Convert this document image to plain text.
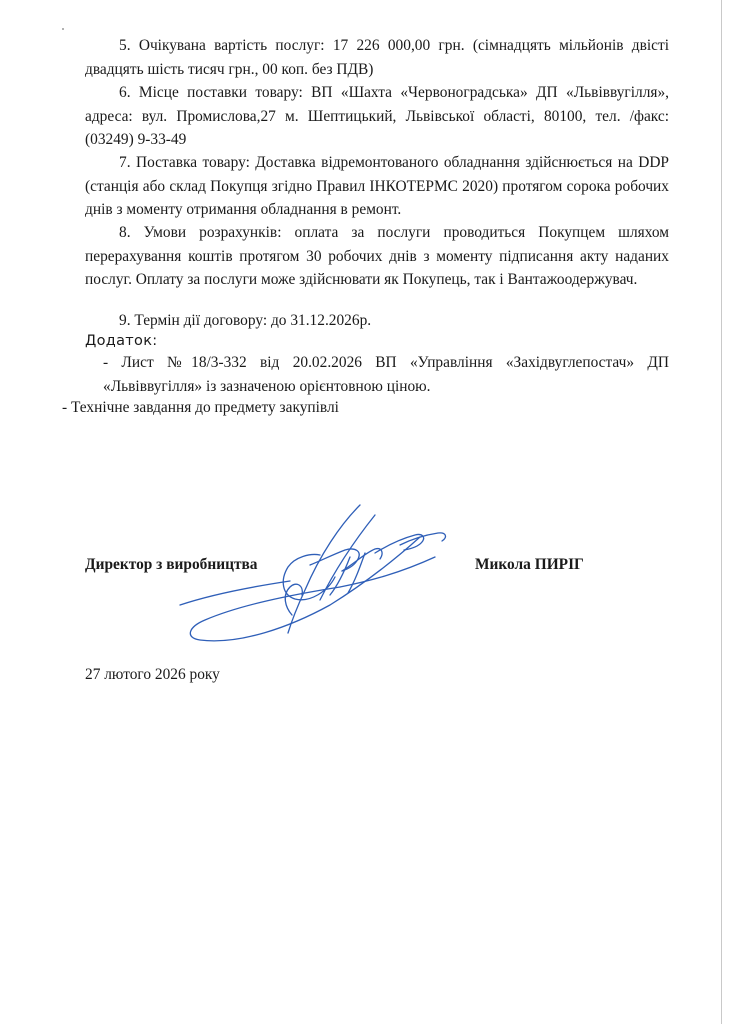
5. Очікувана вартість послуг: 17 226 000,00 грн. (сімнадцять мільйонів двісті двадцять шість тисяч грн., 00 коп. без ПДВ)

6. Місце поставки товару: ВП «Шахта «Червоноградська» ДП «Львіввугілля», адреса: вул. Промислова,27 м. Шептицький, Львівської області, 80100, тел. /факс: (03249) 9-33-49

7. Поставка товару: Доставка відремонтованого обладнання здійснюється на DDP (станція або склад Покупця згідно Правил ІНКОТЕРМС 2020) протягом сорока робочих днів з моменту отримання обладнання в ремонт.

8. Умови розрахунків: оплата за послуги проводиться Покупцем шляхом перерахування коштів протягом 30 робочих днів з моменту підписання акту наданих послуг. Оплату за послуги може здійснювати як Покупець, так і Вантажоодержувач.

9. Термін дії договору: до 31.12.2026р.

Додаток:

- Лист №18/3-332 від 20.02.2026 ВП «Управління «Західвуглепостач» ДП «Львіввугілля» із зазначеною орієнтовною ціною.

- Технічне завдання до предмету закупівлі

Директор з виробництва	Микола ПИРІГ

27 лютого 2026 року
